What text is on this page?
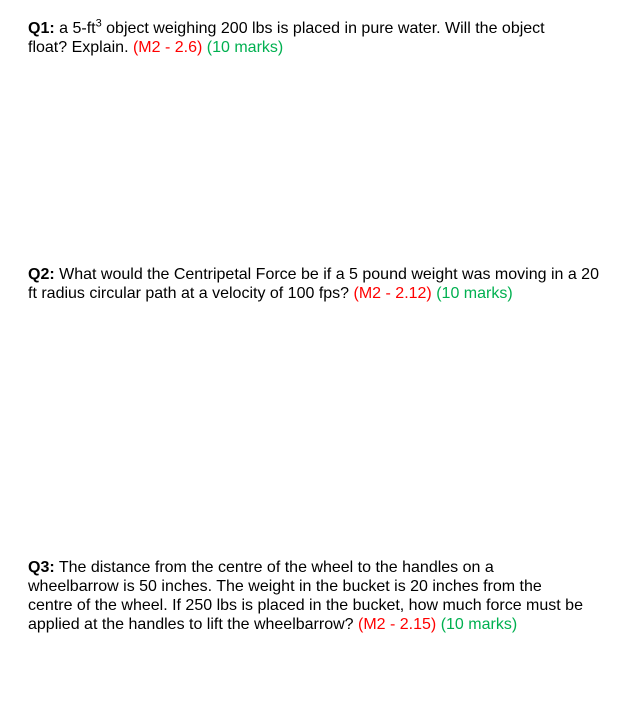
Q1: a $5-ft^3$ object weighing 200 lbs is placed in pure water. Will the object float? Explain. (M2 - 2.6) (10 marks)

Q2: What would the Centripetal Force be if a 5 pound weight was moving in a 20 ft radius circular path at a velocity of 100 fps? (M2 - 2.12) (10 marks)

Q3: The distance from the centre of the wheel to the handles on a wheelbarrow is 50 inches. The weight in the bucket is 20 inches from the centre of the wheel. If 250 lbs is placed in the bucket, how much force must be applied at the handles to lift the wheelbarrow? (M2 - 2.15) (10 marks)
